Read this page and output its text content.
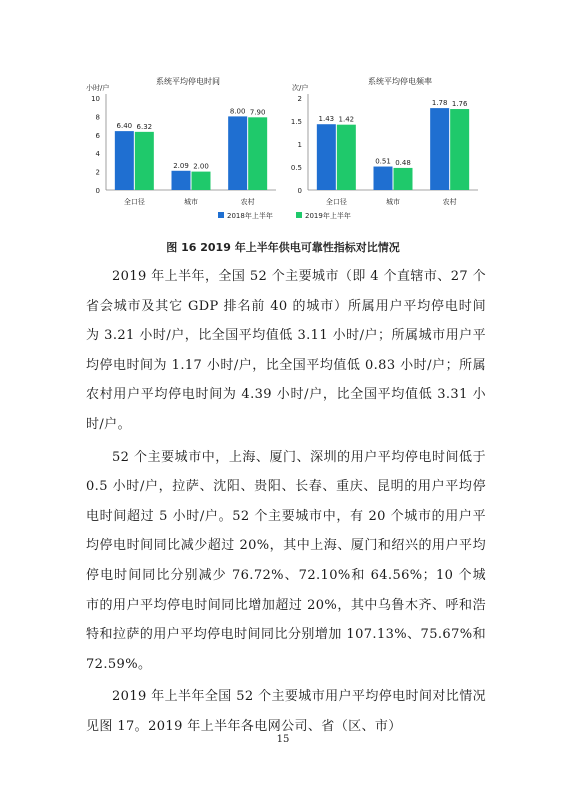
系统平均停电时间
小时/户
0
2
4
6
8
10
6.40 6.32
全口径
2.09 2.00
城市
8.00 7.90
农村
系统平均停电频率
次/户
0
0.5
1
1.5
2
1.43 1.42
全口径
0.51 0.48
城市
1.78 1.76
农村
2018年上半年	2019年上半年
图 16 2019 年上半年供电可靠性指标对比情况

2019 年上半年，全国 52 个主要城市（即 4 个直辖市、27 个省会城市及其它 GDP 排名前 40 的城市）所属用户平均停电时间为 3.21 小时/户，比全国平均值低 3.11 小时/户；所属城市用户平均停电时间为 1.17 小时/户，比全国平均值低 0.83 小时/户；所属农村用户平均停电时间为 4.39 小时/户，比全国平均值低 3.31 小时/户。

52 个主要城市中，上海、厦门、深圳的用户平均停电时间低于 0.5 小时/户，拉萨、沈阳、贵阳、长春、重庆、昆明的用户平均停电时间超过 5 小时/户。52 个主要城市中，有 20 个城市的用户平均停电时间同比减少超过 20%，其中上海、厦门和绍兴的用户平均停电时间同比分别减少 76.72%、72.10%和 64.56%；10 个城市的用户平均停电时间同比增加超过 20%，其中乌鲁木齐、呼和浩特和拉萨的用户平均停电时间同比分别增加 107.13%、75.67%和 72.59%。

2019 年上半年全国 52 个主要城市用户平均停电时间对比情况见图 17。2019 年上半年各电网公司、省（区、市）

15
